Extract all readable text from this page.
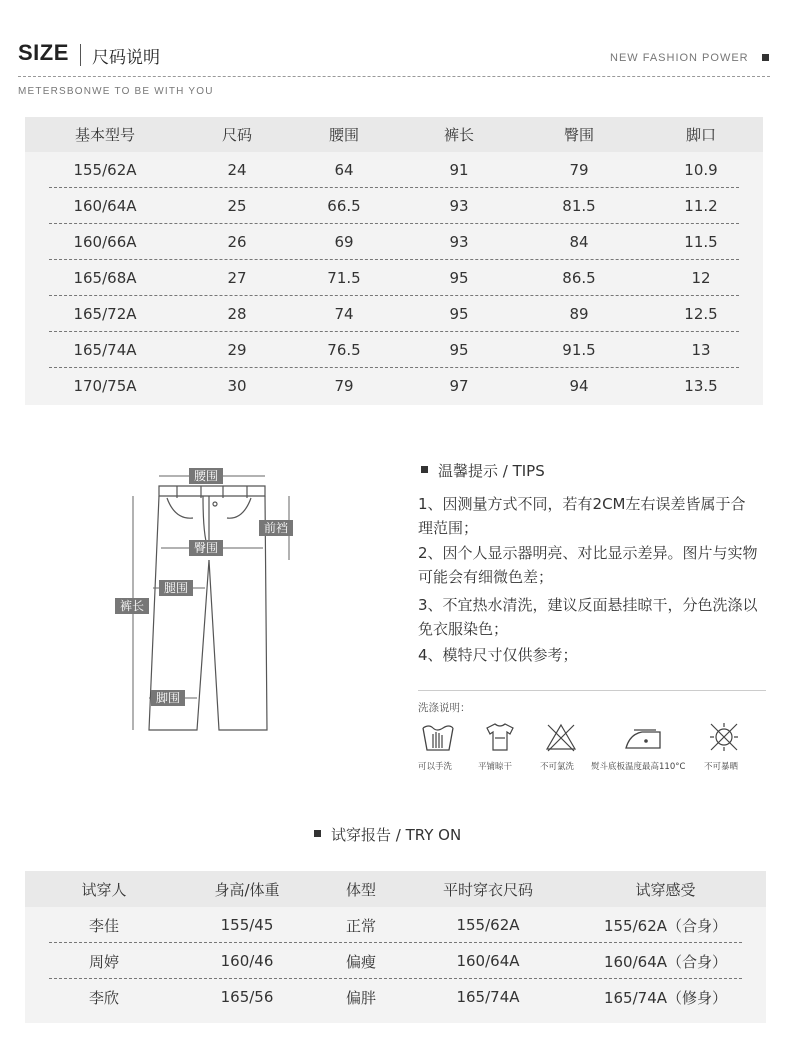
SIZE 尺码说明	NEW FASHION POWER
METERSBONWE TO BE WITH YOU
基本型号	尺码	腰围	裤长	臀围	脚口
155/62A	24	64	91	79	10.9
160/64A	25	66.5	93	81.5	11.2
160/66A	26	69	93	84	11.5
165/68A	27	71.5	95	86.5	12
165/72A	28	74	95	89	12.5
165/74A	29	76.5	95	91.5	13
170/75A	30	79	97	94	13.5
腰围
前裆
臀围
腿围
裤长
脚围
温馨提示 / TIPS
1、因测量方式不同，若有2CM左右误差皆属于合理范围；
2、因个人显示器明亮、对比显示差异。图片与实物可能会有细微色差；
3、不宜热水清洗，建议反面悬挂晾干，分色洗涤以免衣服染色；
4、模特尺寸仅供参考；
洗涤说明：
可以手洗	平铺晾干	不可氯洗 熨斗底板温度最高110°C 不可暴晒
试穿报告 / TRY ON
试穿人	身高/体重	体型	平时穿衣尺码	试穿感受
李佳	155/45	正常	155/62A	155/62A（合身）
周婷	160/46	偏瘦	160/64A	160/64A（合身）
李欣	165/56	偏胖	165/74A	165/74A（修身）
